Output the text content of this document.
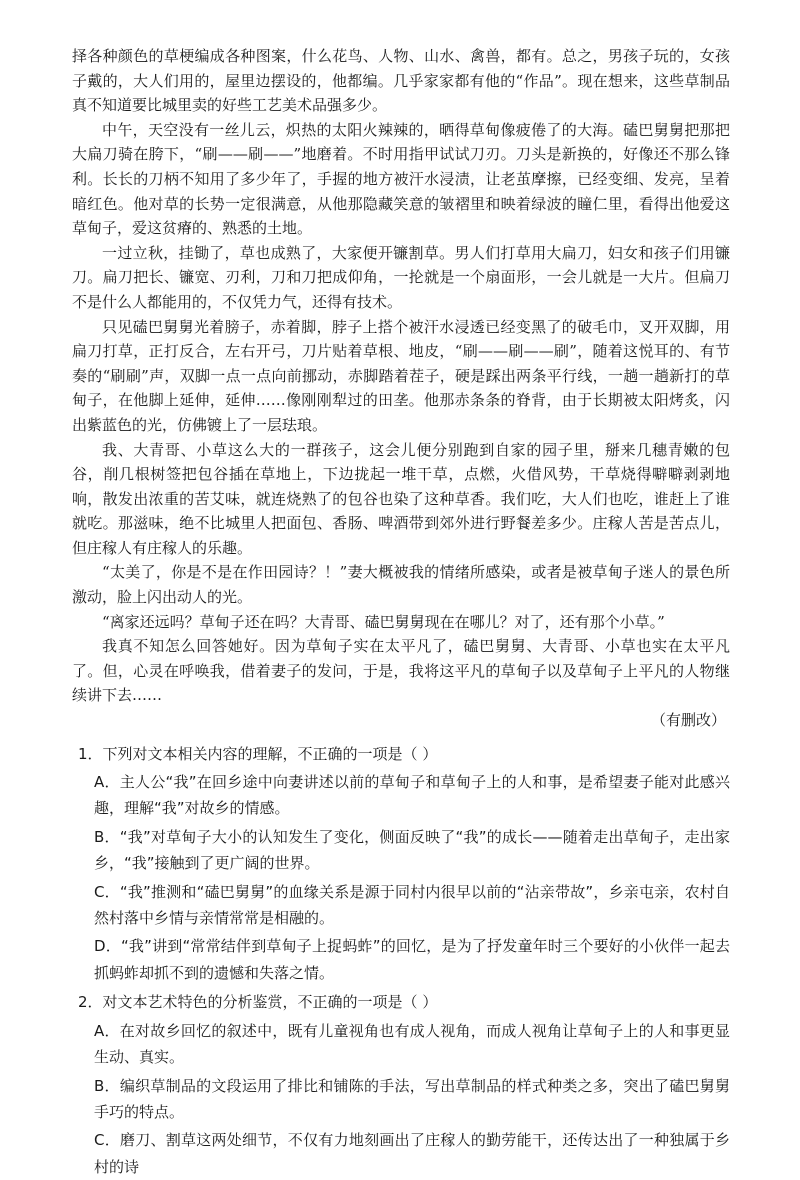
择各种颜色的草梗编成各种图案，什么花鸟、人物、山水、禽兽，都有。总之，男孩子玩的，女孩子戴的，大人们用的，屋里边摆设的，他都编。几乎家家都有他的“作品”。现在想来，这些草制品真不知道要比城里卖的好些工艺美术品强多少。

中午，天空没有一丝儿云，炽热的太阳火辣辣的，晒得草甸像疲倦了的大海。磕巴舅舅把那把大扁刀骑在胯下，“刷——刷——”地磨着。不时用指甲试试刀刃。刀头是新换的，好像还不那么锋利。长长的刀柄不知用了多少年了，手握的地方被汗水浸渍，让老茧摩擦，已经变细、发亮，呈着暗红色。他对草的长势一定很满意，从他那隐藏笑意的皱褶里和映着绿波的瞳仁里，看得出他爱这草甸子，爱这贫瘠的、熟悉的土地。

一过立秋，挂锄了，草也成熟了，大家便开镰割草。男人们打草用大扁刀，妇女和孩子们用镰刀。扁刀把长、镰宽、刃利，刀和刀把成仰角，一抡就是一个扇面形，一会儿就是一大片。但扁刀不是什么人都能用的，不仅凭力气，还得有技术。

只见磕巴舅舅光着膀子，赤着脚，脖子上搭个被汗水浸透已经变黑了的破毛巾，叉开双脚，用扁刀打草，正打反合，左右开弓，刀片贴着草根、地皮，“刷——刷——刷”，随着这悦耳的、有节奏的“刷刷”声，双脚一点一点向前挪动，赤脚踏着茬子，硬是踩出两条平行线，一趟一趟新打的草甸子，在他脚上延伸，延伸……像刚刚犁过的田垄。他那赤条条的脊背，由于长期被太阳烤炙，闪出紫蓝色的光，仿佛镀上了一层珐琅。

我、大青哥、小草这么大的一群孩子，这会儿便分别跑到自家的园子里，掰来几穗青嫩的包谷，削几根树签把包谷插在草地上，下边拢起一堆干草，点燃，火借风势，干草烧得噼噼剥剥地响，散发出浓重的苦艾味，就连烧熟了的包谷也染了这种草香。我们吃，大人们也吃，谁赶上了谁就吃。那滋味，绝不比城里人把面包、香肠、啤酒带到郊外进行野餐差多少。庄稼人苦是苦点儿，但庄稼人有庄稼人的乐趣。

“太美了，你是不是在作田园诗？！”妻大概被我的情绪所感染，或者是被草甸子迷人的景色所激动，脸上闪出动人的光。

“离家还远吗？草甸子还在吗？大青哥、磕巴舅舅现在在哪儿？对了，还有那个小草。”

我真不知怎么回答她好。因为草甸子实在太平凡了，磕巴舅舅、大青哥、小草也实在太平凡了。但，心灵在呼唤我，借着妻子的发问，于是，我将这平凡的草甸子以及草甸子上平凡的人物继续讲下去……

（有删改）
1．下列对文本相关内容的理解，不正确的一项是（ ）
A．主人公“我”在回乡途中向妻讲述以前的草甸子和草甸子上的人和事，是希望妻子能对此感兴趣，理解“我”对故乡的情感。
B．“我”对草甸子大小的认知发生了变化，侧面反映了“我”的成长——随着走出草甸子，走出家乡，“我”接触到了更广阔的世界。
C．“我”推测和“磕巴舅舅”的血缘关系是源于同村内很早以前的“沾亲带故”，乡亲屯亲，农村自然村落中乡情与亲情常常是相融的。
D．“我”讲到“常常结伴到草甸子上捉蚂蚱”的回忆，是为了抒发童年时三个要好的小伙伴一起去抓蚂蚱却抓不到的遗憾和失落之情。
2．对文本艺术特色的分析鉴赏，不正确的一项是（ ）
A．在对故乡回忆的叙述中，既有儿童视角也有成人视角，而成人视角让草甸子上的人和事更显生动、真实。
B．编织草制品的文段运用了排比和铺陈的手法，写出草制品的样式种类之多，突出了磕巴舅舅手巧的特点。
C．磨刀、割草这两处细节，不仅有力地刻画出了庄稼人的勤劳能干，还传达出了一种独属于乡村的诗
